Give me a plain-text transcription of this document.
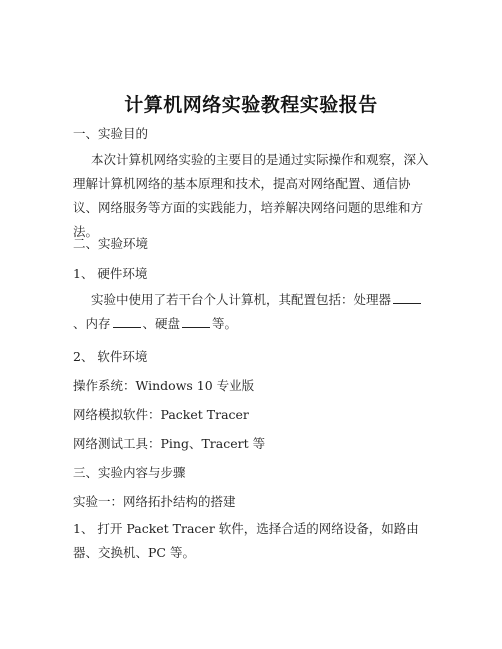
计算机网络实验教程实验报告

一、实验目的

本次计算机网络实验的主要目的是通过实际操作和观察，深入理解计算机网络的基本原理和技术，提高对网络配置、通信协议、网络服务等方面的实践能力，培养解决网络问题的思维和方法。

二、实验环境

1、 硬件环境

实验中使用了若干台个人计算机，其配置包括：处理器、内存	、硬盘	等。

2、 软件环境

操作系统：Windows 10 专业版

网络模拟软件：Packet Tracer

网络测试工具：Ping、Tracert 等

三、实验内容与步骤

实验一：网络拓扑结构的搭建

1、 打开 Packet Tracer 软件，选择合适的网络设备，如路由器、交换机、PC 等。
